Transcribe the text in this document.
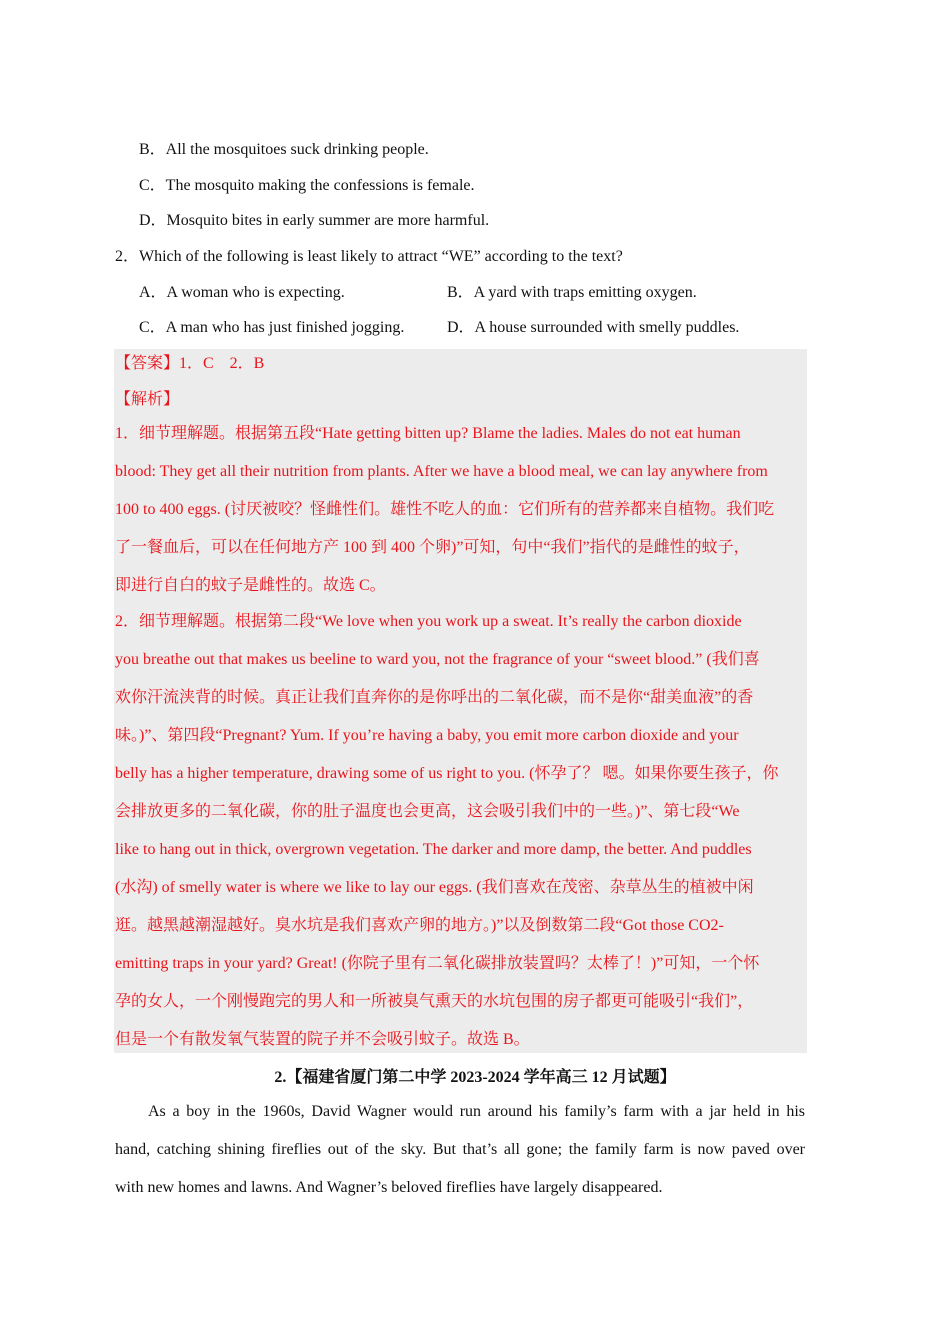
B．All the mosquitoes suck drinking people.
C．The mosquito making the confessions is female.
D．Mosquito bites in early summer are more harmful.
2．Which of the following is least likely to attract “WE” according to the text?
A．A woman who is expecting.	B．A yard with traps emitting oxygen.
C．A man who has just finished jogging.	D．A house surrounded with smelly puddles.
【答案】1．C　2．B
【解析】
1．细节理解题。根据第五段“Hate getting bitten up? Blame the ladies. Males do not eat human
blood: They get all their nutrition from plants. After we have a blood meal, we can lay anywhere from
100 to 400 eggs. (讨厌被咬？怪雌性们。雄性不吃人的血：它们所有的营养都来自植物。我们吃
了一餐血后，可以在任何地方产 100 到 400 个卵)”可知，句中“我们”指代的是雌性的蚊子，
即进行自白的蚊子是雌性的。故选 C。
2．细节理解题。根据第二段“We love when you work up a sweat. It’s really the carbon dioxide
you breathe out that makes us beeline to ward you, not the fragrance of your “sweet blood.” (我们喜
欢你汗流浃背的时候。真正让我们直奔你的是你呼出的二氧化碳，而不是你“甜美血液”的香
味。)”、第四段“Pregnant? Yum. If you’re having a baby, you emit more carbon dioxide and your
belly has a higher temperature, drawing some of us right to you. (怀孕了？ 嗯。如果你要生孩子，你
会排放更多的二氧化碳，你的肚子温度也会更高，这会吸引我们中的一些。)”、第七段“We
like to hang out in thick, overgrown vegetation. The darker and more damp, the better. And puddles
(水沟) of smelly water is where we like to lay our eggs. (我们喜欢在茂密、杂草丛生的植被中闲
逛。越黑越潮湿越好。臭水坑是我们喜欢产卵的地方。)”以及倒数第二段“Got those CO2-
emitting traps in your yard? Great! (你院子里有二氧化碳排放装置吗？太棒了！)”可知，一个怀
孕的女人，一个刚慢跑完的男人和一所被臭气熏天的水坑包围的房子都更可能吸引“我们”，
但是一个有散发氧气装置的院子并不会吸引蚊子。故选 B。
2.【福建省厦门第二中学 2023-2024 学年高三 12 月试题】
As a boy in the 1960s, David Wagner would run around his family’s farm with a jar held in his
hand, catching shining fireflies out of the sky. But that’s all gone; the family farm is now paved over
with new homes and lawns. And Wagner’s beloved fireflies have largely disappeared.
